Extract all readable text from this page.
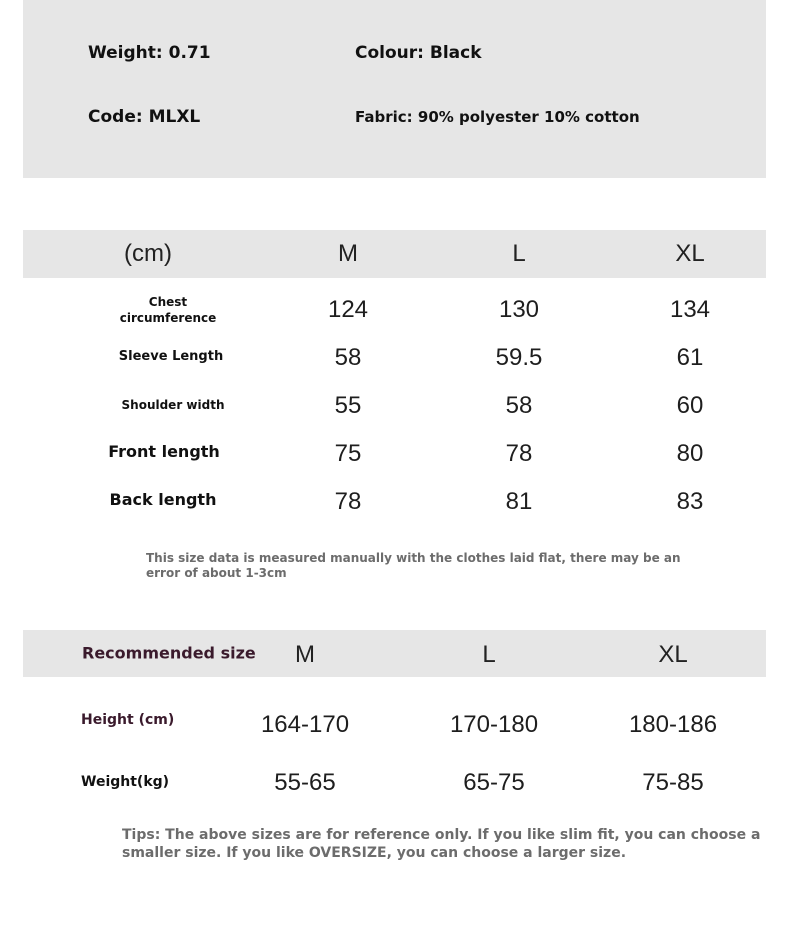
Weight: 0.71	Colour: Black
Code: MLXL	Fabric: 90% polyester 10% cotton
(cm)	M	L	XL
Chest
circumference	124	130	134
Sleeve Length	58	59.5	61
Shoulder width	55	58	60
Front length	75	78	80
Back length	78	81	83
This size data is measured manually with the clothes laid flat, there may be an
error of about 1-3cm
Recommended size M	L	XL
Height (cm)	164-170	170-180	180-186
Weight(kg)	55-65	65-75	75-85
Tips: The above sizes are for reference only. If you like slim fit, you can choose a
smaller size. If you like OVERSIZE, you can choose a larger size.
